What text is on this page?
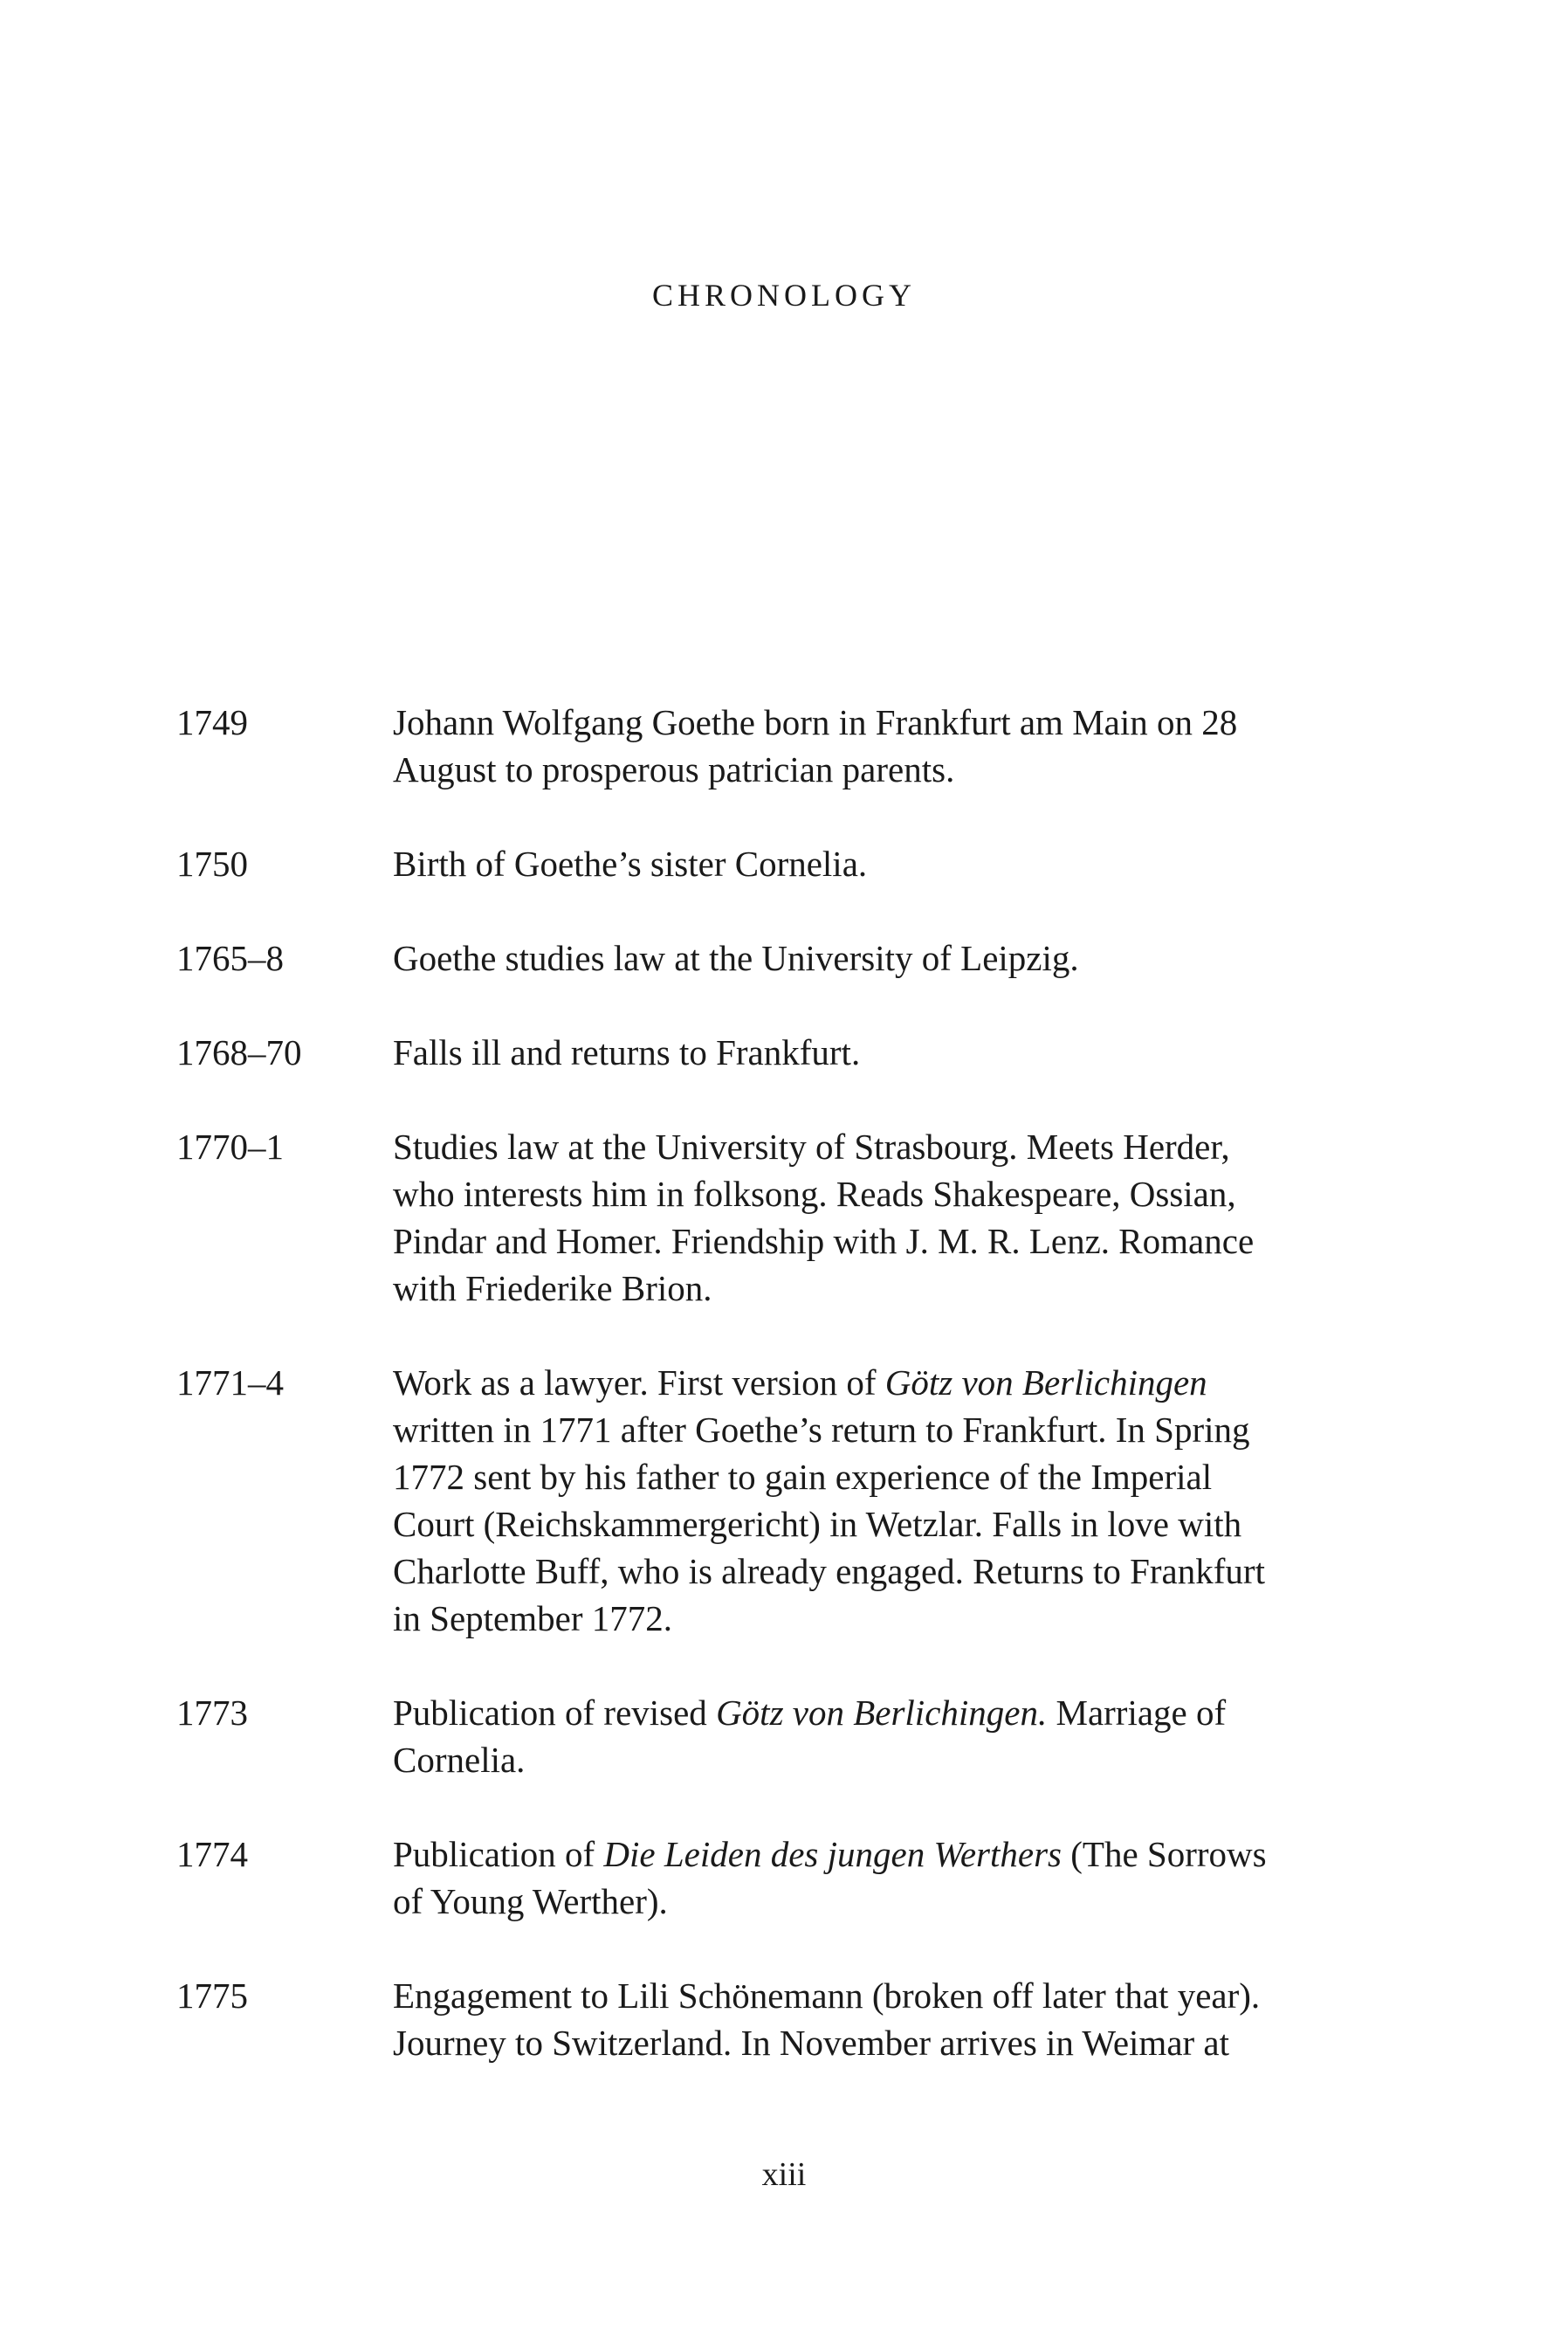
CHRONOLOGY
1749	Johann Wolfgang Goethe born in Frankfurt am Main on 28
August to prosperous patrician parents.
1750	Birth of Goethe’s sister Cornelia.
1765–8	Goethe studies law at the University of Leipzig.
1768–70	Falls ill and returns to Frankfurt.
1770–1	Studies law at the University of Strasbourg. Meets Herder,
who interests him in folksong. Reads Shakespeare, Ossian,
Pindar and Homer. Friendship with J. M. R. Lenz. Romance
with Friederike Brion.
1771–4	Work as a lawyer. First version of Götz von Berlichingen
written in 1771 after Goethe’s return to Frankfurt. In Spring
1772 sent by his father to gain experience of the Imperial
Court (Reichskammergericht) in Wetzlar. Falls in love with
Charlotte Buff, who is already engaged. Returns to Frankfurt
in September 1772.
1773	Publication of revised Götz von Berlichingen. Marriage of
Cornelia.
1774	Publication of Die Leiden des jungen Werthers (The Sorrows
of Young Werther).
1775	Engagement to Lili Schönemann (broken off later that year).
Journey to Switzerland. In November arrives in Weimar at
xiii
